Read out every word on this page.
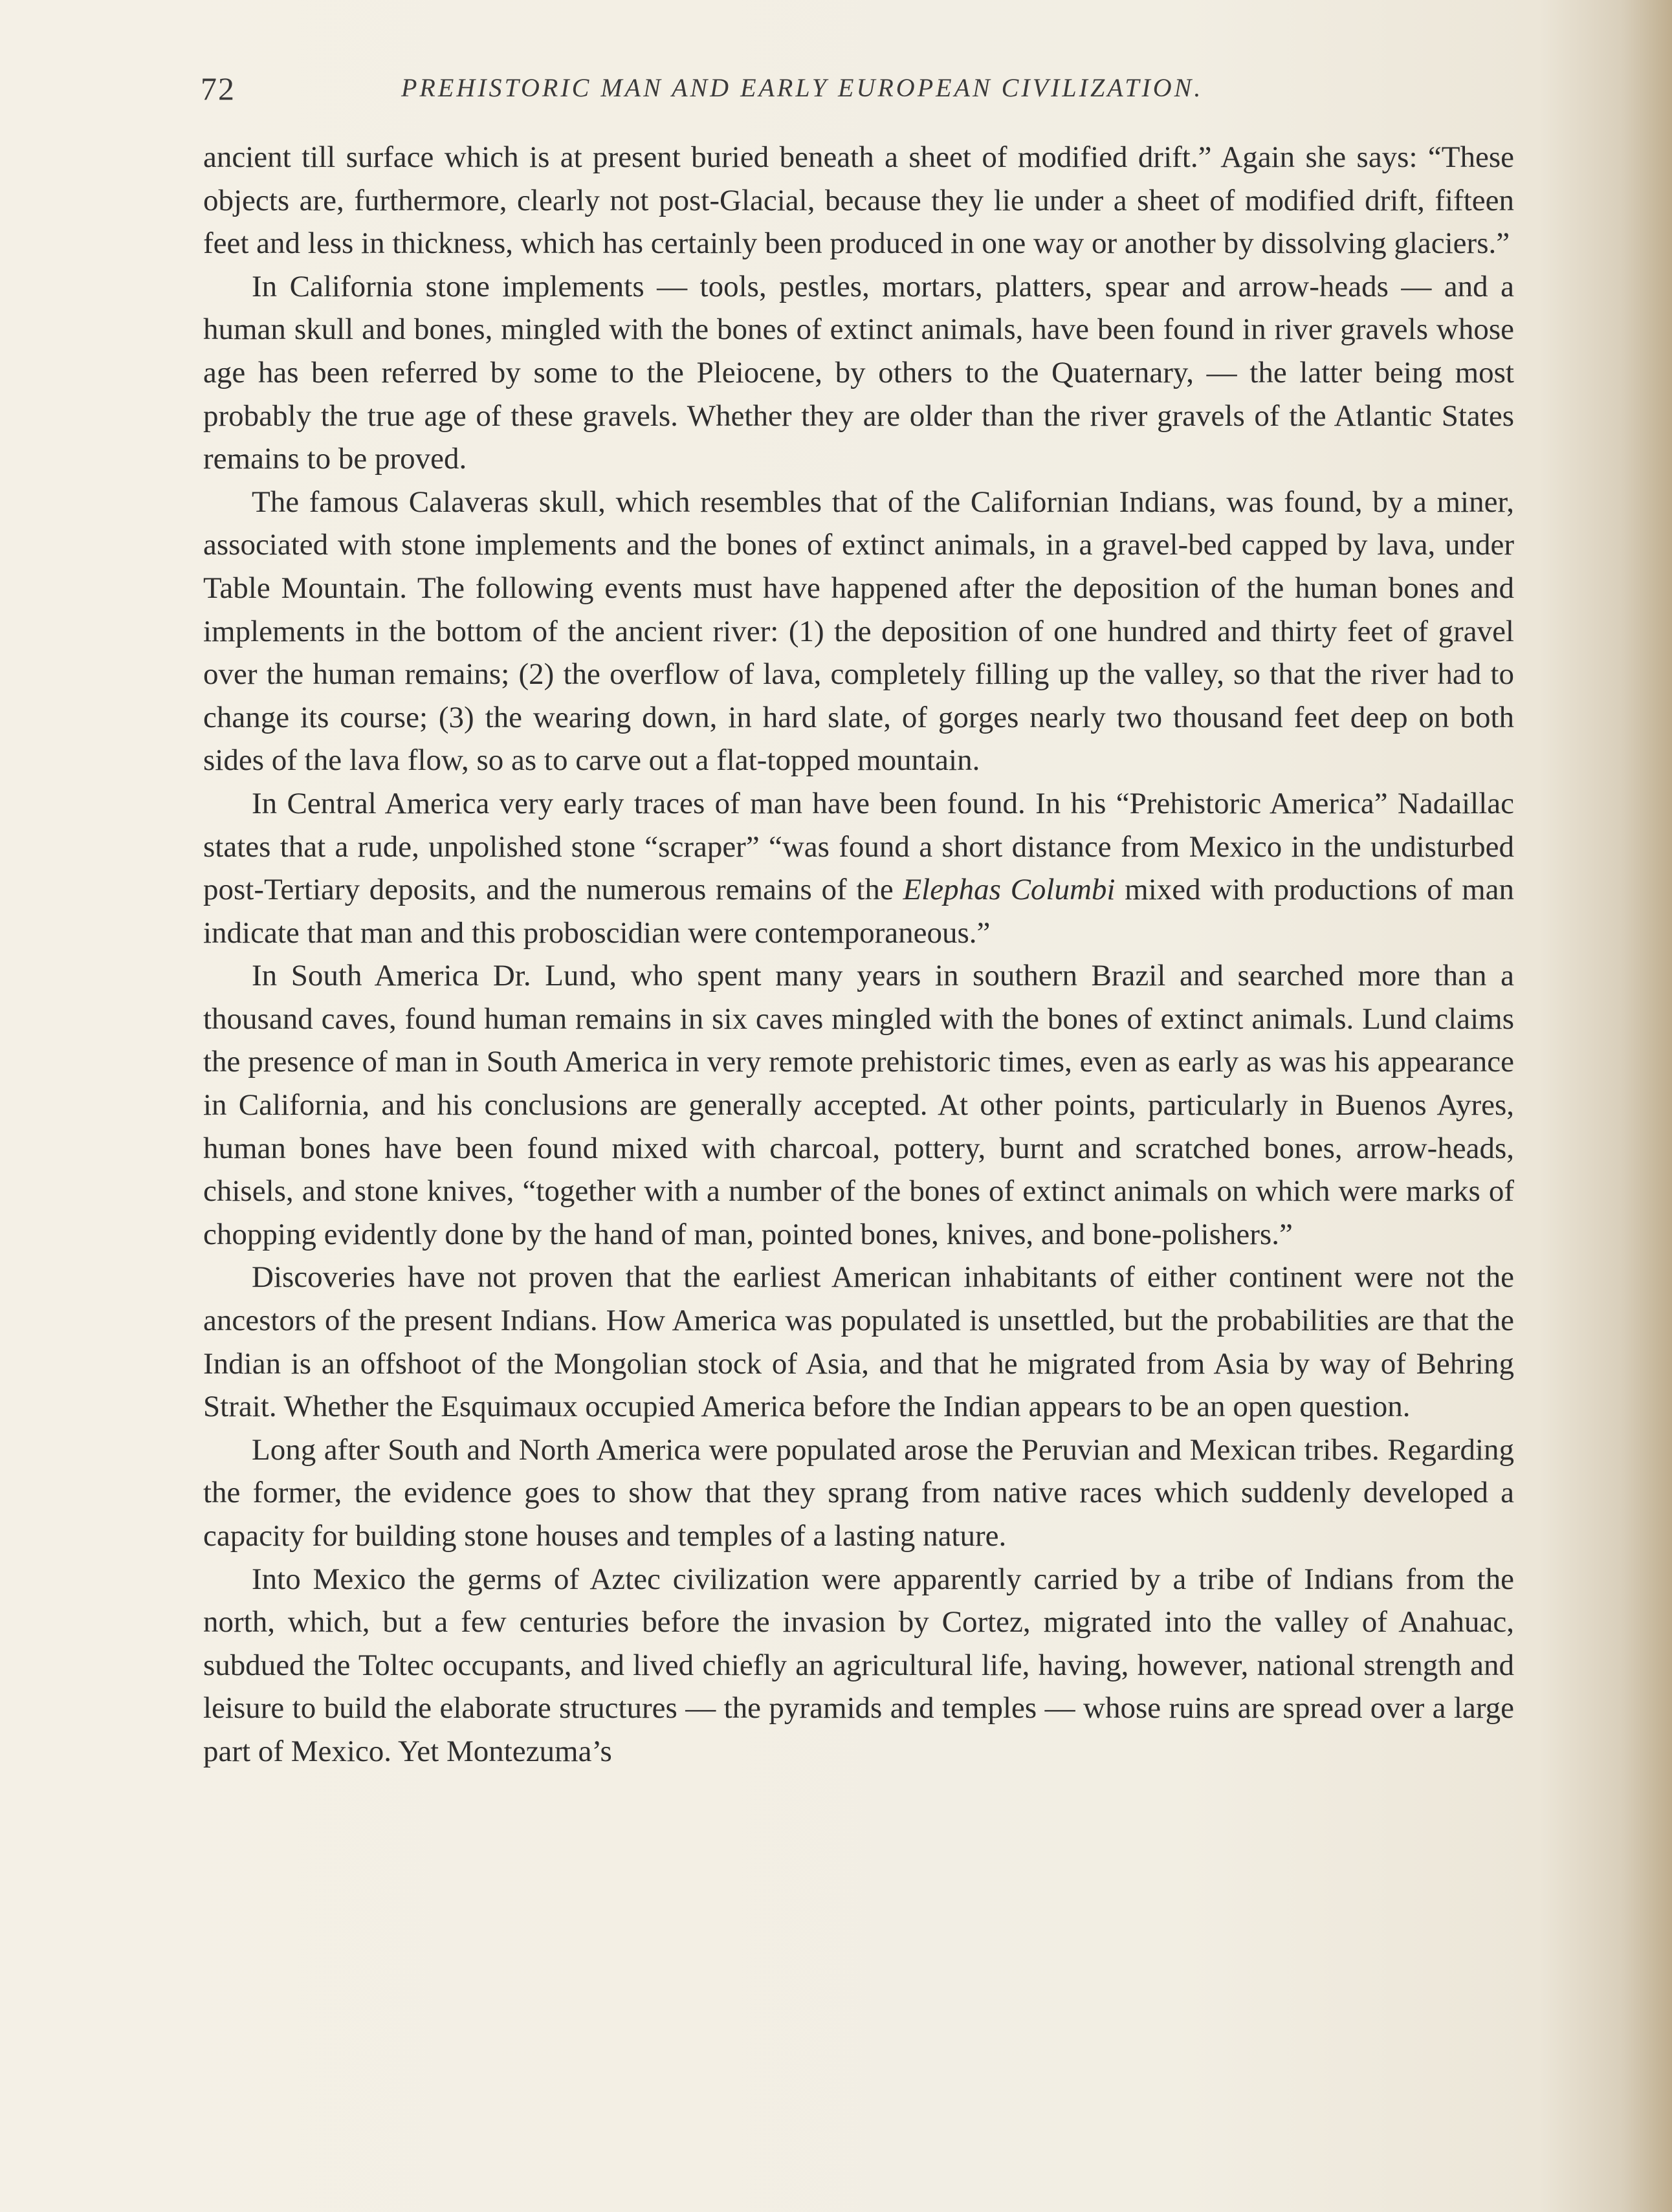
72	PREHISTORIC MAN AND EARLY EUROPEAN CIVILIZATION.

ancient till surface which is at present buried beneath a sheet of modified drift.” Again she says: “These objects are, furthermore, clearly not post-Glacial, because they lie under a sheet of modified drift, fifteen feet and less in thickness, which has certainly been produced in one way or another by dissolving glaciers.”

In California stone implements — tools, pestles, mortars, platters, spear and arrow-heads — and a human skull and bones, mingled with the bones of extinct animals, have been found in river gravels whose age has been referred by some to the Pleiocene, by others to the Quaternary, — the latter being most probably the true age of these gravels. Whether they are older than the river gravels of the Atlantic States remains to be proved.

The famous Calaveras skull, which resembles that of the Californian Indians, was found, by a miner, associated with stone implements and the bones of extinct animals, in a gravel-bed capped by lava, under Table Mountain. The following events must have happened after the deposition of the human bones and implements in the bottom of the ancient river: (1) the deposition of one hundred and thirty feet of gravel over the human remains; (2) the overflow of lava, completely filling up the valley, so that the river had to change its course; (3) the wearing down, in hard slate, of gorges nearly two thousand feet deep on both sides of the lava flow, so as to carve out a flat-topped mountain.

In Central America very early traces of man have been found. In his “Prehistoric America” Nadaillac states that a rude, unpolished stone “scraper” “was found a short distance from Mexico in the undisturbed post-Tertiary deposits, and the numerous remains of the Elephas Columbi mixed with productions of man indicate that man and this proboscidian were contemporaneous.”

In South America Dr. Lund, who spent many years in southern Brazil and searched more than a thousand caves, found human remains in six caves mingled with the bones of extinct animals. Lund claims the presence of man in South America in very remote prehistoric times, even as early as was his appearance in California, and his conclusions are generally accepted. At other points, particularly in Buenos Ayres, human bones have been found mixed with charcoal, pottery, burnt and scratched bones, arrow-heads, chisels, and stone knives, “together with a number of the bones of extinct animals on which were marks of chopping evidently done by the hand of man, pointed bones, knives, and bone-polishers.”

Discoveries have not proven that the earliest American inhabitants of either continent were not the ancestors of the present Indians. How America was populated is unsettled, but the probabilities are that the Indian is an offshoot of the Mongolian stock of Asia, and that he migrated from Asia by way of Behring Strait. Whether the Esquimaux occupied America before the Indian appears to be an open question.

Long after South and North America were populated arose the Peruvian and Mexican tribes. Regarding the former, the evidence goes to show that they sprang from native races which suddenly developed a capacity for building stone houses and temples of a lasting nature.

Into Mexico the germs of Aztec civilization were apparently carried by a tribe of Indians from the north, which, but a few centuries before the invasion by Cortez, migrated into the valley of Anahuac, subdued the Toltec occupants, and lived chiefly an agricultural life, having, however, national strength and leisure to build the elaborate structures — the pyramids and temples — whose ruins are spread over a large part of Mexico. Yet Montezuma’s
